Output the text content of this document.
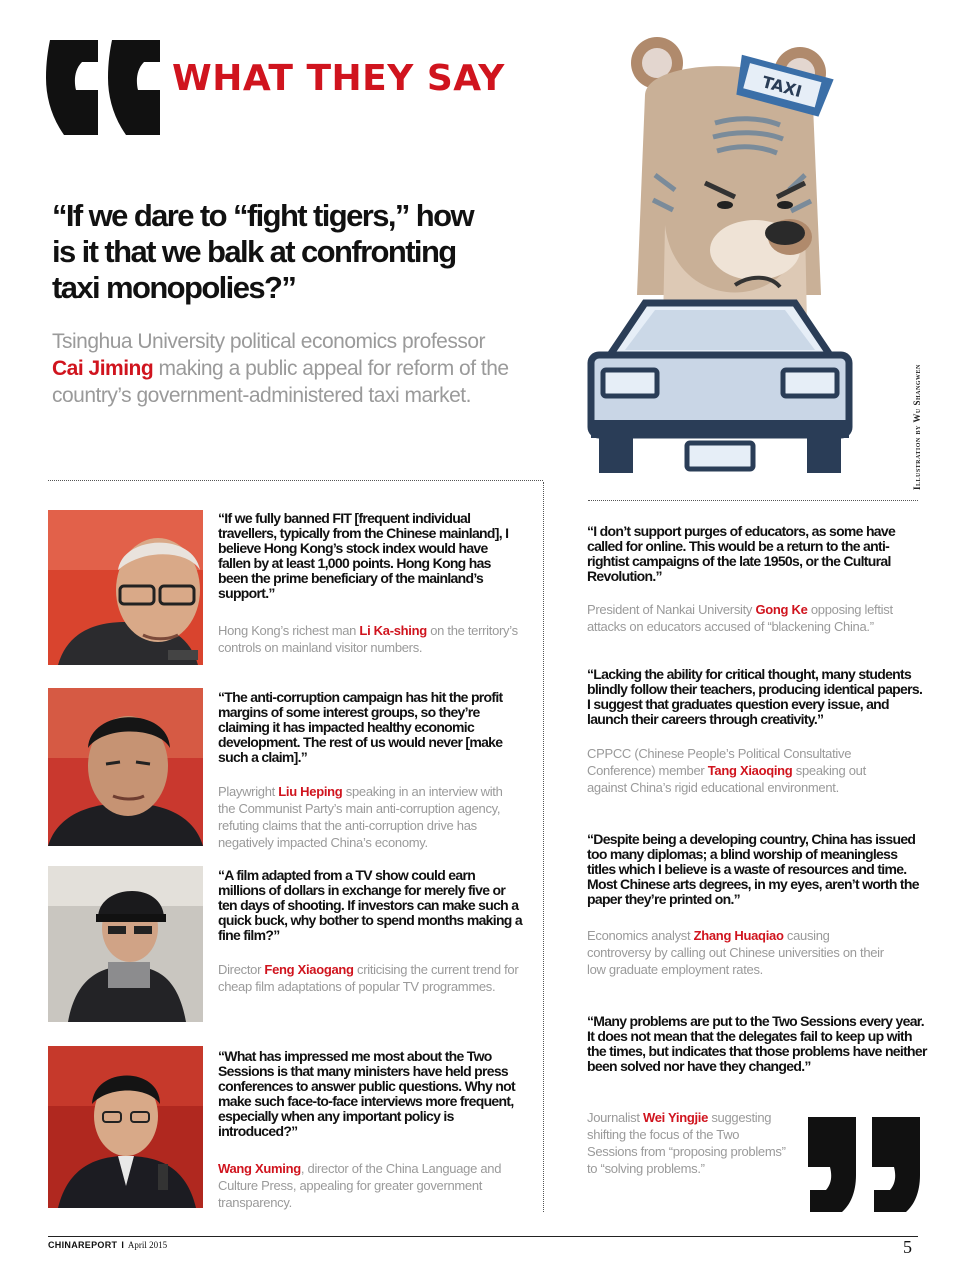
WHAT THEY SAY	TAXI
Illustration by Wu Shangwen
“If we dare to “fight tigers,” how is it that we balk at confronting taxi monopolies?”
Tsinghua University political economics professor Cai Jiming making a public appeal for reform of the country’s government-administered taxi market.
“If we fully banned FIT [frequent individual travellers, typically from the Chinese mainland], I believe Hong Kong’s stock index would have fallen by at least 1,000 points. Hong Kong has been the prime beneficiary of the mainland’s support.”
Hong Kong’s richest man Li Ka-shing on the territory’s controls on mainland visitor numbers.
“The anti-corruption campaign has hit the profit margins of some interest groups, so they’re claiming it has impacted healthy economic development. The rest of us would never [make such a claim].”
Playwright Liu Heping speaking in an interview with the Communist Party’s main anti-corruption agency, refuting claims that the anti-corruption drive has negatively impacted China’s economy.
“A film adapted from a TV show could earn millions of dollars in exchange for merely five or ten days of shooting. If investors can make such a quick buck, why bother to spend months making a fine film?”
Director Feng Xiaogang criticising the current trend for cheap film adaptations of popular TV programmes.
“What has impressed me most about the Two Sessions is that many ministers have held press conferences to answer public questions. Why not make such face-to-face interviews more frequent, especially when any important policy is introduced?”
Wang Xuming, director of the China Language and Culture Press, appealing for greater government transparency.
“I don’t support purges of educators, as some have called for online. This would be a return to the anti-rightist campaigns of the late 1950s, or the Cultural Revolution.”
President of Nankai University Gong Ke opposing leftist attacks on educators accused of “blackening China.”
“Lacking the ability for critical thought, many students blindly follow their teachers, producing identical papers. I suggest that graduates question every issue, and launch their careers through creativity.”
CPPCC (Chinese People’s Political Consultative Conference) member Tang Xiaoqing speaking out against China’s rigid educational environment.
“Despite being a developing country, China has issued too many diplomas; a blind worship of meaningless titles which I believe is a waste of resources and time. Most Chinese arts degrees, in my eyes, aren’t worth the paper they’re printed on.”
Economics analyst Zhang Huaqiao causing controversy by calling out Chinese universities on their low graduate employment rates.
“Many problems are put to the Two Sessions every year. It does not mean that the delegates fail to keep up with the times, but indicates that those problems have neither been solved nor have they changed.”
Journalist Wei Yingjie suggesting shifting the focus of the Two Sessions from “proposing problems” to “solving problems.”
CHINAREPORT I April 2015	5
